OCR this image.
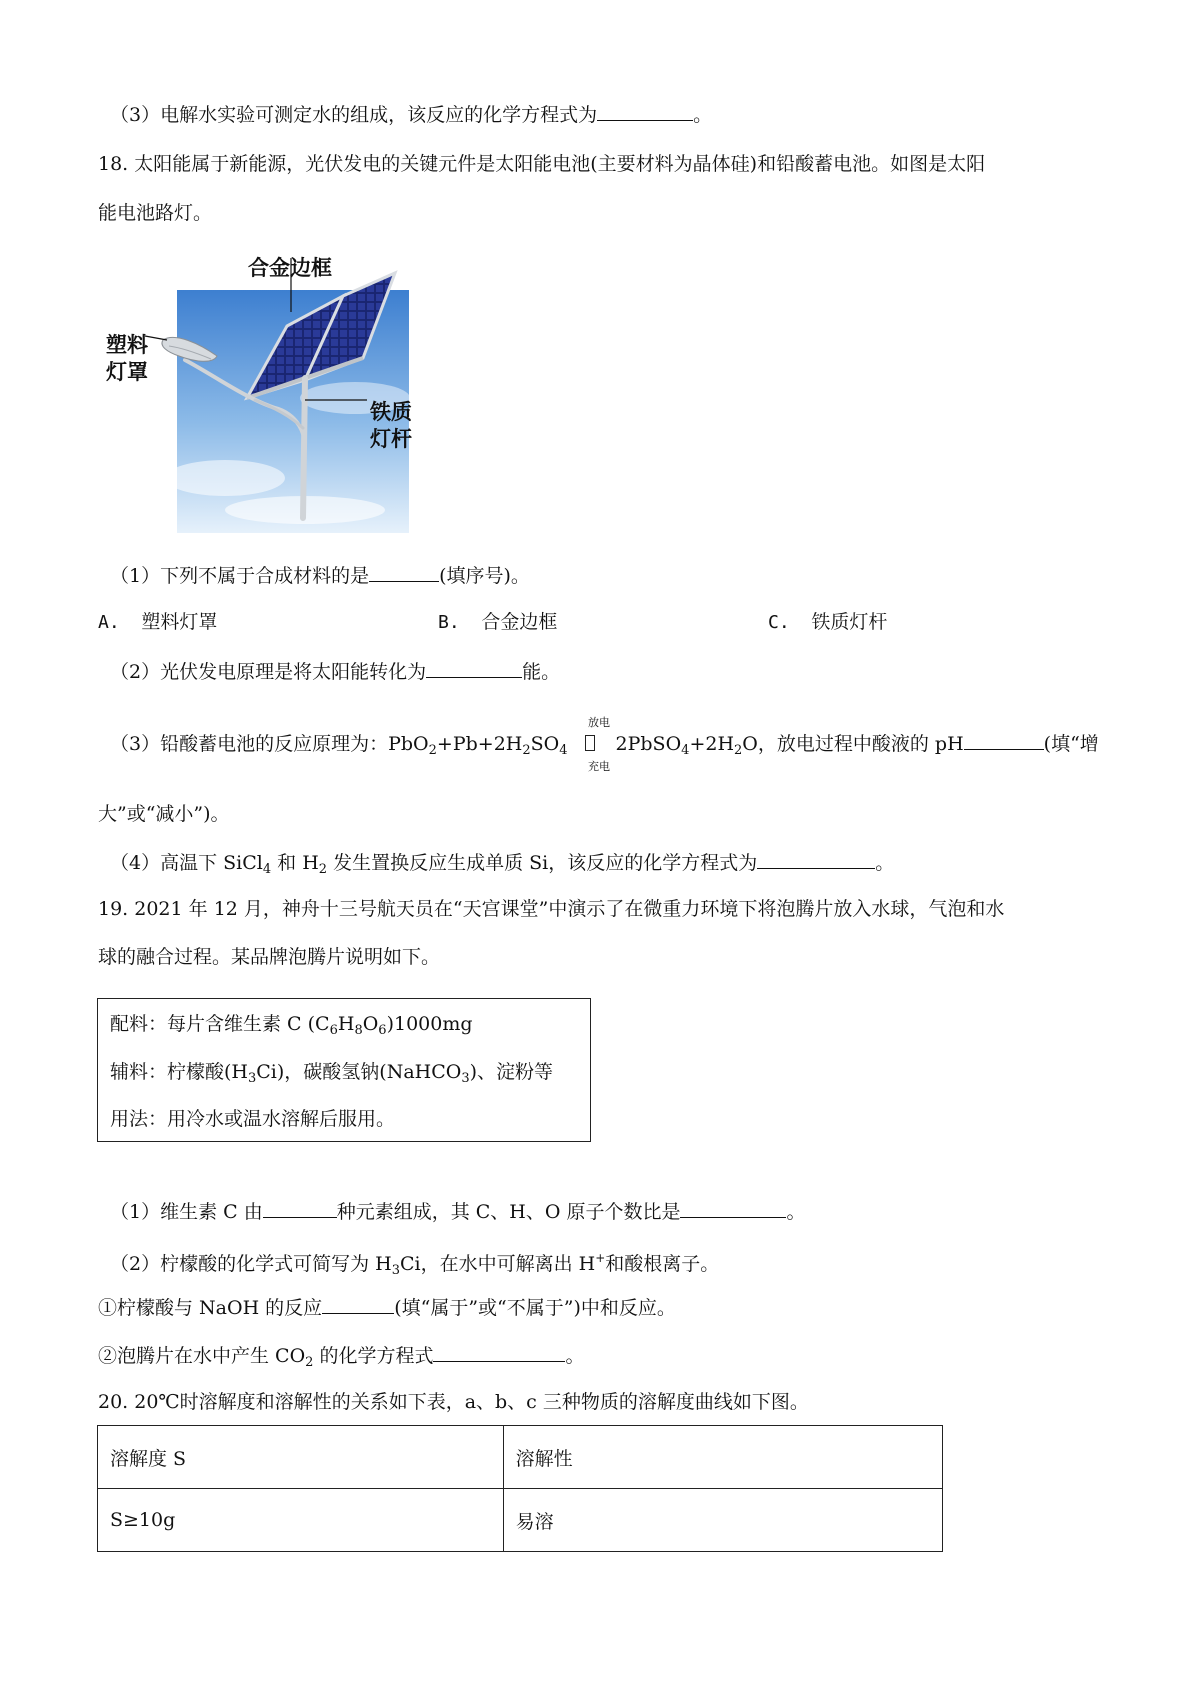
（3）电解水实验可测定水的组成，该反应的化学方程式为	。
18. 太阳能属于新能源，光伏发电的关键元件是太阳能电池(主要材料为晶体硅)和铅酸蓄电池。如图是太阳
能电池路灯。
合金边框
塑料
灯罩
铁质
灯杆
（1）下列不属于合成材料的是	(填序号)。
A. 塑料灯罩	B. 合金边框	C. 铁质灯杆
（2）光伏发电原理是将太阳能转化为	能。
（3）铅酸蓄电池的反应原理为：$PbO_2+Pb+2H_2SO_4$	$2PbSO_4+2H_2O$，放电过程中酸液的 pH	(填“增
放电
充电
大”或“减小”)。
（4）高温下 SiCl$_4$ 和 $H_2$ 发生置换反应生成单质 Si，该反应的化学方程式为	。
19. 2021 年 12 月，神舟十三号航天员在“天宫课堂”中演示了在微重力环境下将泡腾片放入水球，气泡和水
球的融合过程。某品牌泡腾片说明如下。
配料：每片含维生素 C $(C_6H_8O_6)1000mg$
辅料：柠檬酸$(H_3Ci)$，碳酸氢钠(NaHCO$_3$)、淀粉等
用法：用冷水或温水溶解后服用。
（1）维生素 C 由	种元素组成，其 C、H、O 原子个数比是	。
（2）柠檬酸的化学式可简写为 $H_3Ci$，在水中可解离出 H+和酸根离子。
①柠檬酸与 NaOH 的反应	(填“属于”或“不属于”)中和反应。
②泡腾片在水中产生 $CO_2$ 的化学方程式	。
20. 20℃时溶解度和溶解性的关系如下表，a、b、c 三种物质的溶解度曲线如下图。
溶解度 S	溶解性
S≥10g	易溶
